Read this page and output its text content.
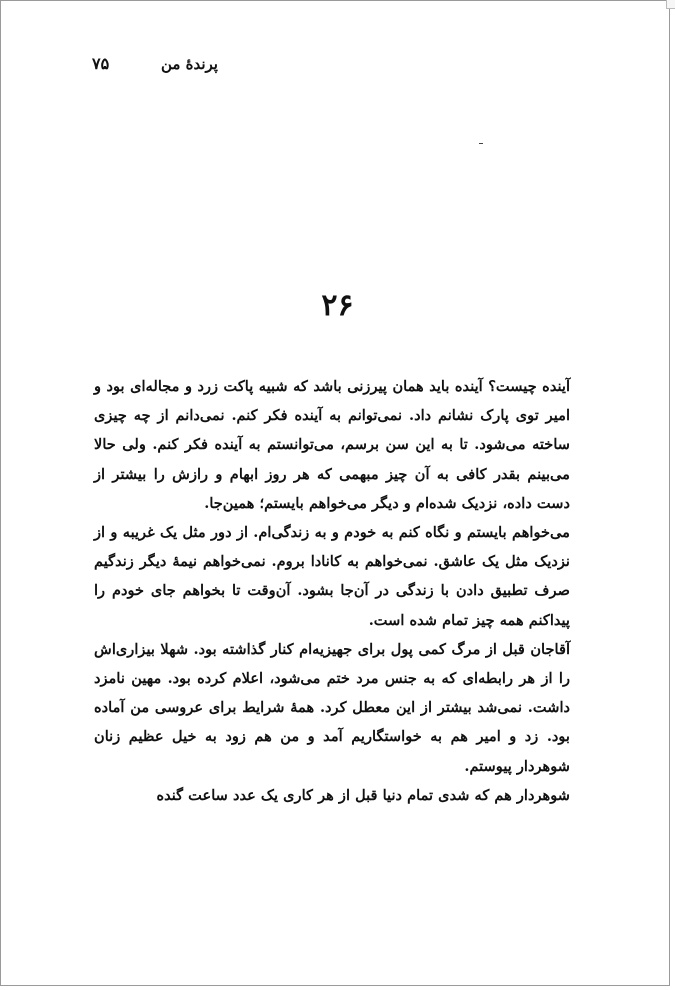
پرندهٔ من
۷۵
۲۶

آینده چیست؟ آینده باید همان پیرزنی باشد که شبیه پاکت زرد و مجاله‌ای بود و امیر توی پارک نشانم داد. نمی‌توانم به آینده فکر کنم. نمی‌دانم از چه چیزی ساخته می‌شود. تا به این سن برسم، می‌توانستم به آینده فکر کنم. ولی حالا می‌بینم بقدر کافی به آن چیز مبهمی که هر روز ابهام و رازش را بیشتر از دست داده، نزدیک شده‌ام و دیگر می‌خواهم بایستم؛ همین‌جا.

می‌خواهم بایستم و نگاه کنم به خودم و به زندگی‌ام. از دور مثل یک غریبه و از نزدیک مثل یک عاشق. نمی‌خواهم به کانادا بروم. نمی‌خواهم نیمهٔ دیگر زندگیم صرف تطبیق دادن با زندگی در آن‌جا بشود. آن‌وقت تا بخواهم جای خودم را پیداکنم همه چیز تمام شده است.

آقاجان قبل از مرگ کمی پول برای جهیزیه‌ام کنار گذاشته بود. شهلا بیزاری‌اش را از هر رابطه‌ای که به جنس مرد ختم می‌شود، اعلام کرده بود. مهین نامزد داشت. نمی‌شد بیشتر از این معطل کرد. همهٔ شرایط برای عروسی من آماده بود. زد و امیر هم به خواستگاریم آمد و من هم زود به خیل عظیم زنان شوهردار پیوستم.

شوهردار هم که شدی تمام دنیا قبل از هر کاری یک عدد ساعت گنده
